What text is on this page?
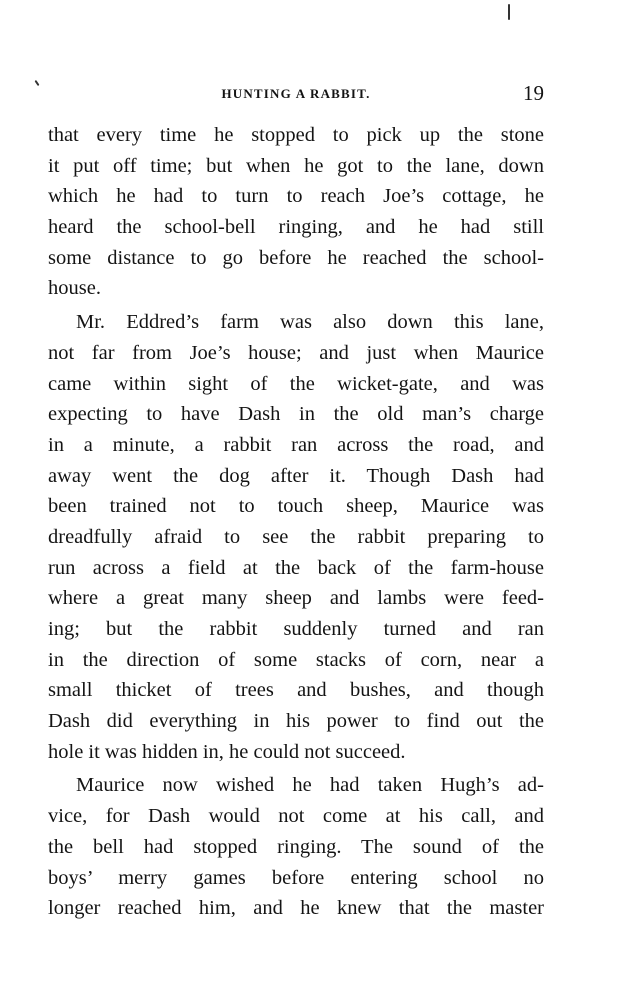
HUNTING A RABBIT.	19
that every time he stopped to pick up the stone
it put off time; but when he got to the lane, down
which he had to turn to reach Joe’s cottage, he
heard the school-bell ringing, and he had still
some distance to go before he reached the school-
house.
Mr. Eddred’s farm was also down this lane,
not far from Joe’s house; and just when Maurice
came within sight of the wicket-gate, and was
expecting to have Dash in the old man’s charge
in a minute, a rabbit ran across the road, and
away went the dog after it. Though Dash had
been trained not to touch sheep, Maurice was
dreadfully afraid to see the rabbit preparing to
run across a field at the back of the farm-house
where a great many sheep and lambs were feed-
ing; but the rabbit suddenly turned and ran
in the direction of some stacks of corn, near a
small thicket of trees and bushes, and though
Dash did everything in his power to find out the
hole it was hidden in, he could not succeed.
Maurice now wished he had taken Hugh’s ad-
vice, for Dash would not come at his call, and
the bell had stopped ringing. The sound of the
boys’ merry games before entering school no
longer reached him, and he knew that the master
